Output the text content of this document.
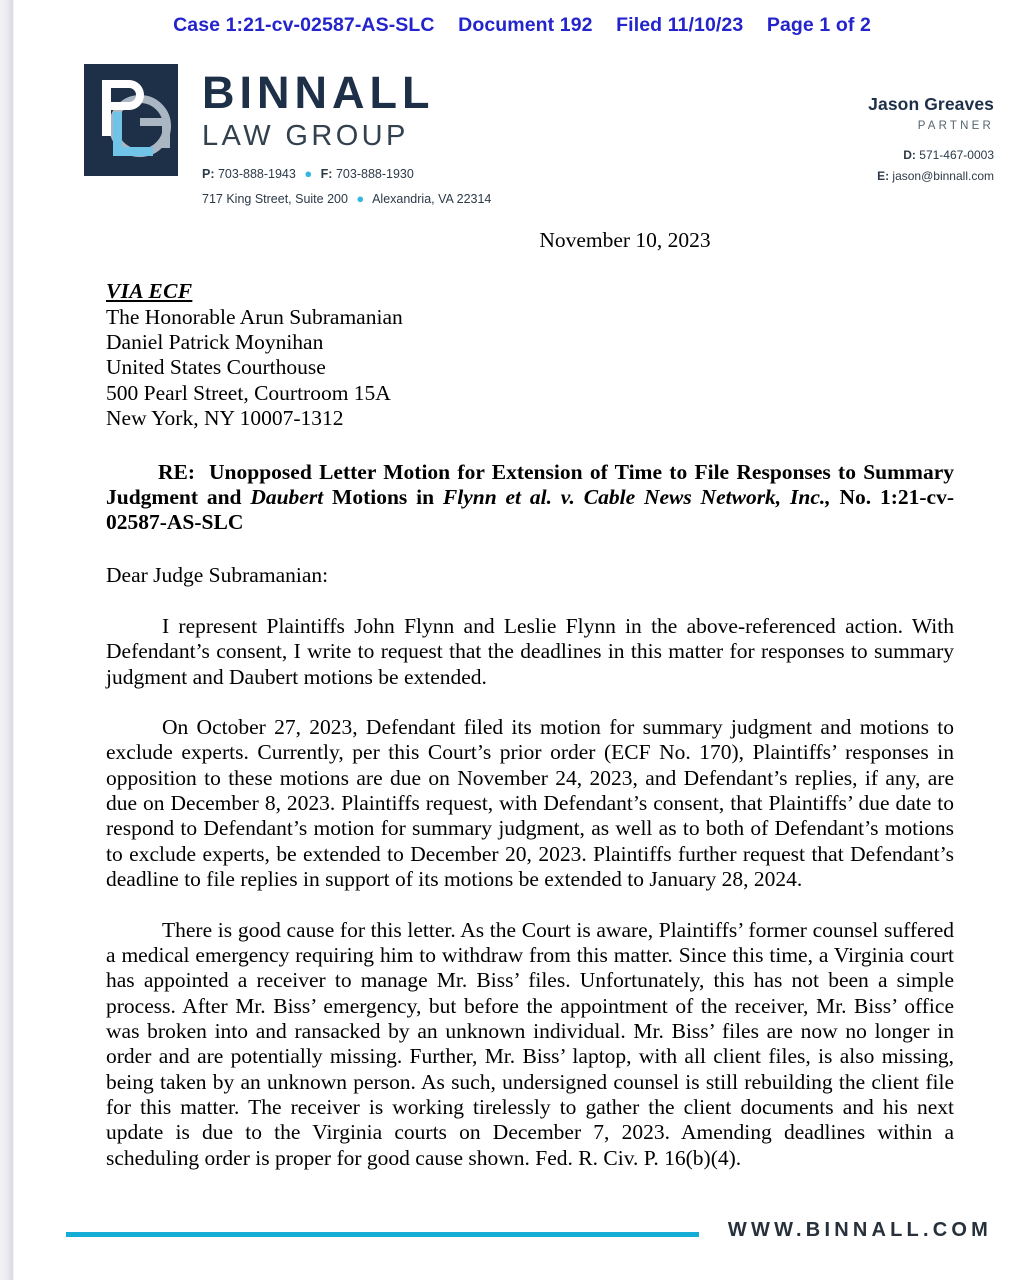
Case 1:21-cv-02587-AS-SLC Document 192 Filed 11/10/23 Page 1 of 2
BINNALL
LAW GROUP
P: 703-888-1943 ● F: 703-888-1930
717 King Street, Suite 200 ● Alexandria, VA 22314
Jason Greaves
PARTNER
D: 571-467-0003
E: jason@binnall.com
November 10, 2023
VIA ECF
The Honorable Arun Subramanian
Daniel Patrick Moynihan
United States Courthouse
500 Pearl Street, Courtroom 15A
New York, NY 10007-1312
RE: Unopposed Letter Motion for Extension of Time to File Responses to Summary Judgment and Daubert Motions in Flynn et al. v. Cable News Network, Inc., No. 1:21-cv-02587-AS-SLC
Dear Judge Subramanian:

I represent Plaintiffs John Flynn and Leslie Flynn in the above-referenced action. With Defendant’s consent, I write to request that the deadlines in this matter for responses to summary judgment and Daubert motions be extended.

On October 27, 2023, Defendant filed its motion for summary judgment and motions to exclude experts. Currently, per this Court’s prior order (ECF No. 170), Plaintiffs’ responses in opposition to these motions are due on November 24, 2023, and Defendant’s replies, if any, are due on December 8, 2023. Plaintiffs request, with Defendant’s consent, that Plaintiffs’ due date to respond to Defendant’s motion for summary judgment, as well as to both of Defendant’s motions to exclude experts, be extended to December 20, 2023. Plaintiffs further request that Defendant’s deadline to file replies in support of its motions be extended to January 28, 2024.

There is good cause for this letter. As the Court is aware, Plaintiffs’ former counsel suffered a medical emergency requiring him to withdraw from this matter. Since this time, a Virginia court has appointed a receiver to manage Mr. Biss’ files. Unfortunately, this has not been a simple process. After Mr. Biss’ emergency, but before the appointment of the receiver, Mr. Biss’ office was broken into and ransacked by an unknown individual. Mr. Biss’ files are now no longer in order and are potentially missing. Further, Mr. Biss’ laptop, with all client files, is also missing, being taken by an unknown person. As such, undersigned counsel is still rebuilding the client file for this matter. The receiver is working tirelessly to gather the client documents and his next update is due to the Virginia courts on December 7, 2023. Amending deadlines within a scheduling order is proper for good cause shown. Fed. R. Civ. P. 16(b)(4).

WWW.BINNALL.COM
